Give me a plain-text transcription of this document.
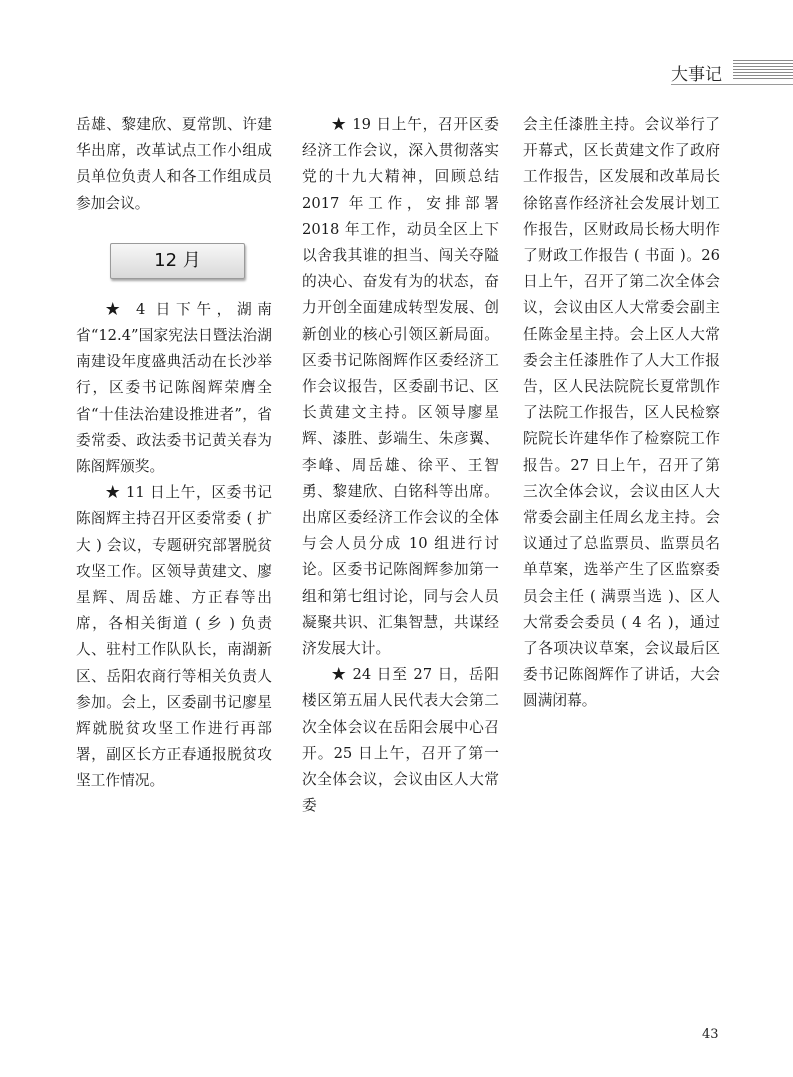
大事记

岳雄、黎建欣、夏常凯、许建华出席，改革试点工作小组成员单位负责人和各工作组成员参加会议。

12 月

★ 4 日下午，湖南省“12.4”国家宪法日暨法治湖南建设年度盛典活动在长沙举行，区委书记陈阁辉荣膺全省“十佳法治建设推进者”，省委常委、政法委书记黄关春为陈阁辉颁奖。

★ 11 日上午，区委书记陈阁辉主持召开区委常委 ( 扩大 ) 会议，专题研究部署脱贫攻坚工作。区领导黄建文、廖星辉、周岳雄、方正春等出席，各相关街道 ( 乡 ) 负责人、驻村工作队队长，南湖新区、岳阳农商行等相关负责人参加。会上，区委副书记廖星辉就脱贫攻坚工作进行再部署，副区长方正春通报脱贫攻坚工作情况。

★ 19 日上午，召开区委经济工作会议，深入贯彻落实党的十九大精神，回顾总结 2017 年工作，安排部署 2018 年工作，动员全区上下以舍我其谁的担当、闯关夺隘的决心、奋发有为的状态，奋力开创全面建成转型发展、创新创业的核心引领区新局面。区委书记陈阁辉作区委经济工作会议报告，区委副书记、区长黄建文主持。区领导廖星辉、漆胜、彭端生、朱彦翼、李峰、周岳雄、徐平、王智勇、黎建欣、白铭科等出席。出席区委经济工作会议的全体与会人员分成 10 组进行讨论。区委书记陈阁辉参加第一组和第七组讨论，同与会人员凝聚共识、汇集智慧，共谋经济发展大计。

★ 24 日至 27 日，岳阳楼区第五届人民代表大会第二次全体会议在岳阳会展中心召开。25 日上午，召开了第一次全体会议，会议由区人大常委

会主任漆胜主持。会议举行了开幕式，区长黄建文作了政府工作报告，区发展和改革局长徐铭喜作经济社会发展计划工作报告，区财政局长杨大明作了财政工作报告 ( 书面 )。26 日上午，召开了第二次全体会议，会议由区人大常委会副主任陈金星主持。会上区人大常委会主任漆胜作了人大工作报告，区人民法院院长夏常凯作了法院工作报告，区人民检察院院长许建华作了检察院工作报告。27 日上午，召开了第三次全体会议，会议由区人大常委会副主任周幺龙主持。会议通过了总监票员、监票员名单草案，选举产生了区监察委员会主任 ( 满票当选 )、区人大常委会委员 ( 4 名 )，通过了各项决议草案，会议最后区委书记陈阁辉作了讲话，大会圆满闭幕。

43
